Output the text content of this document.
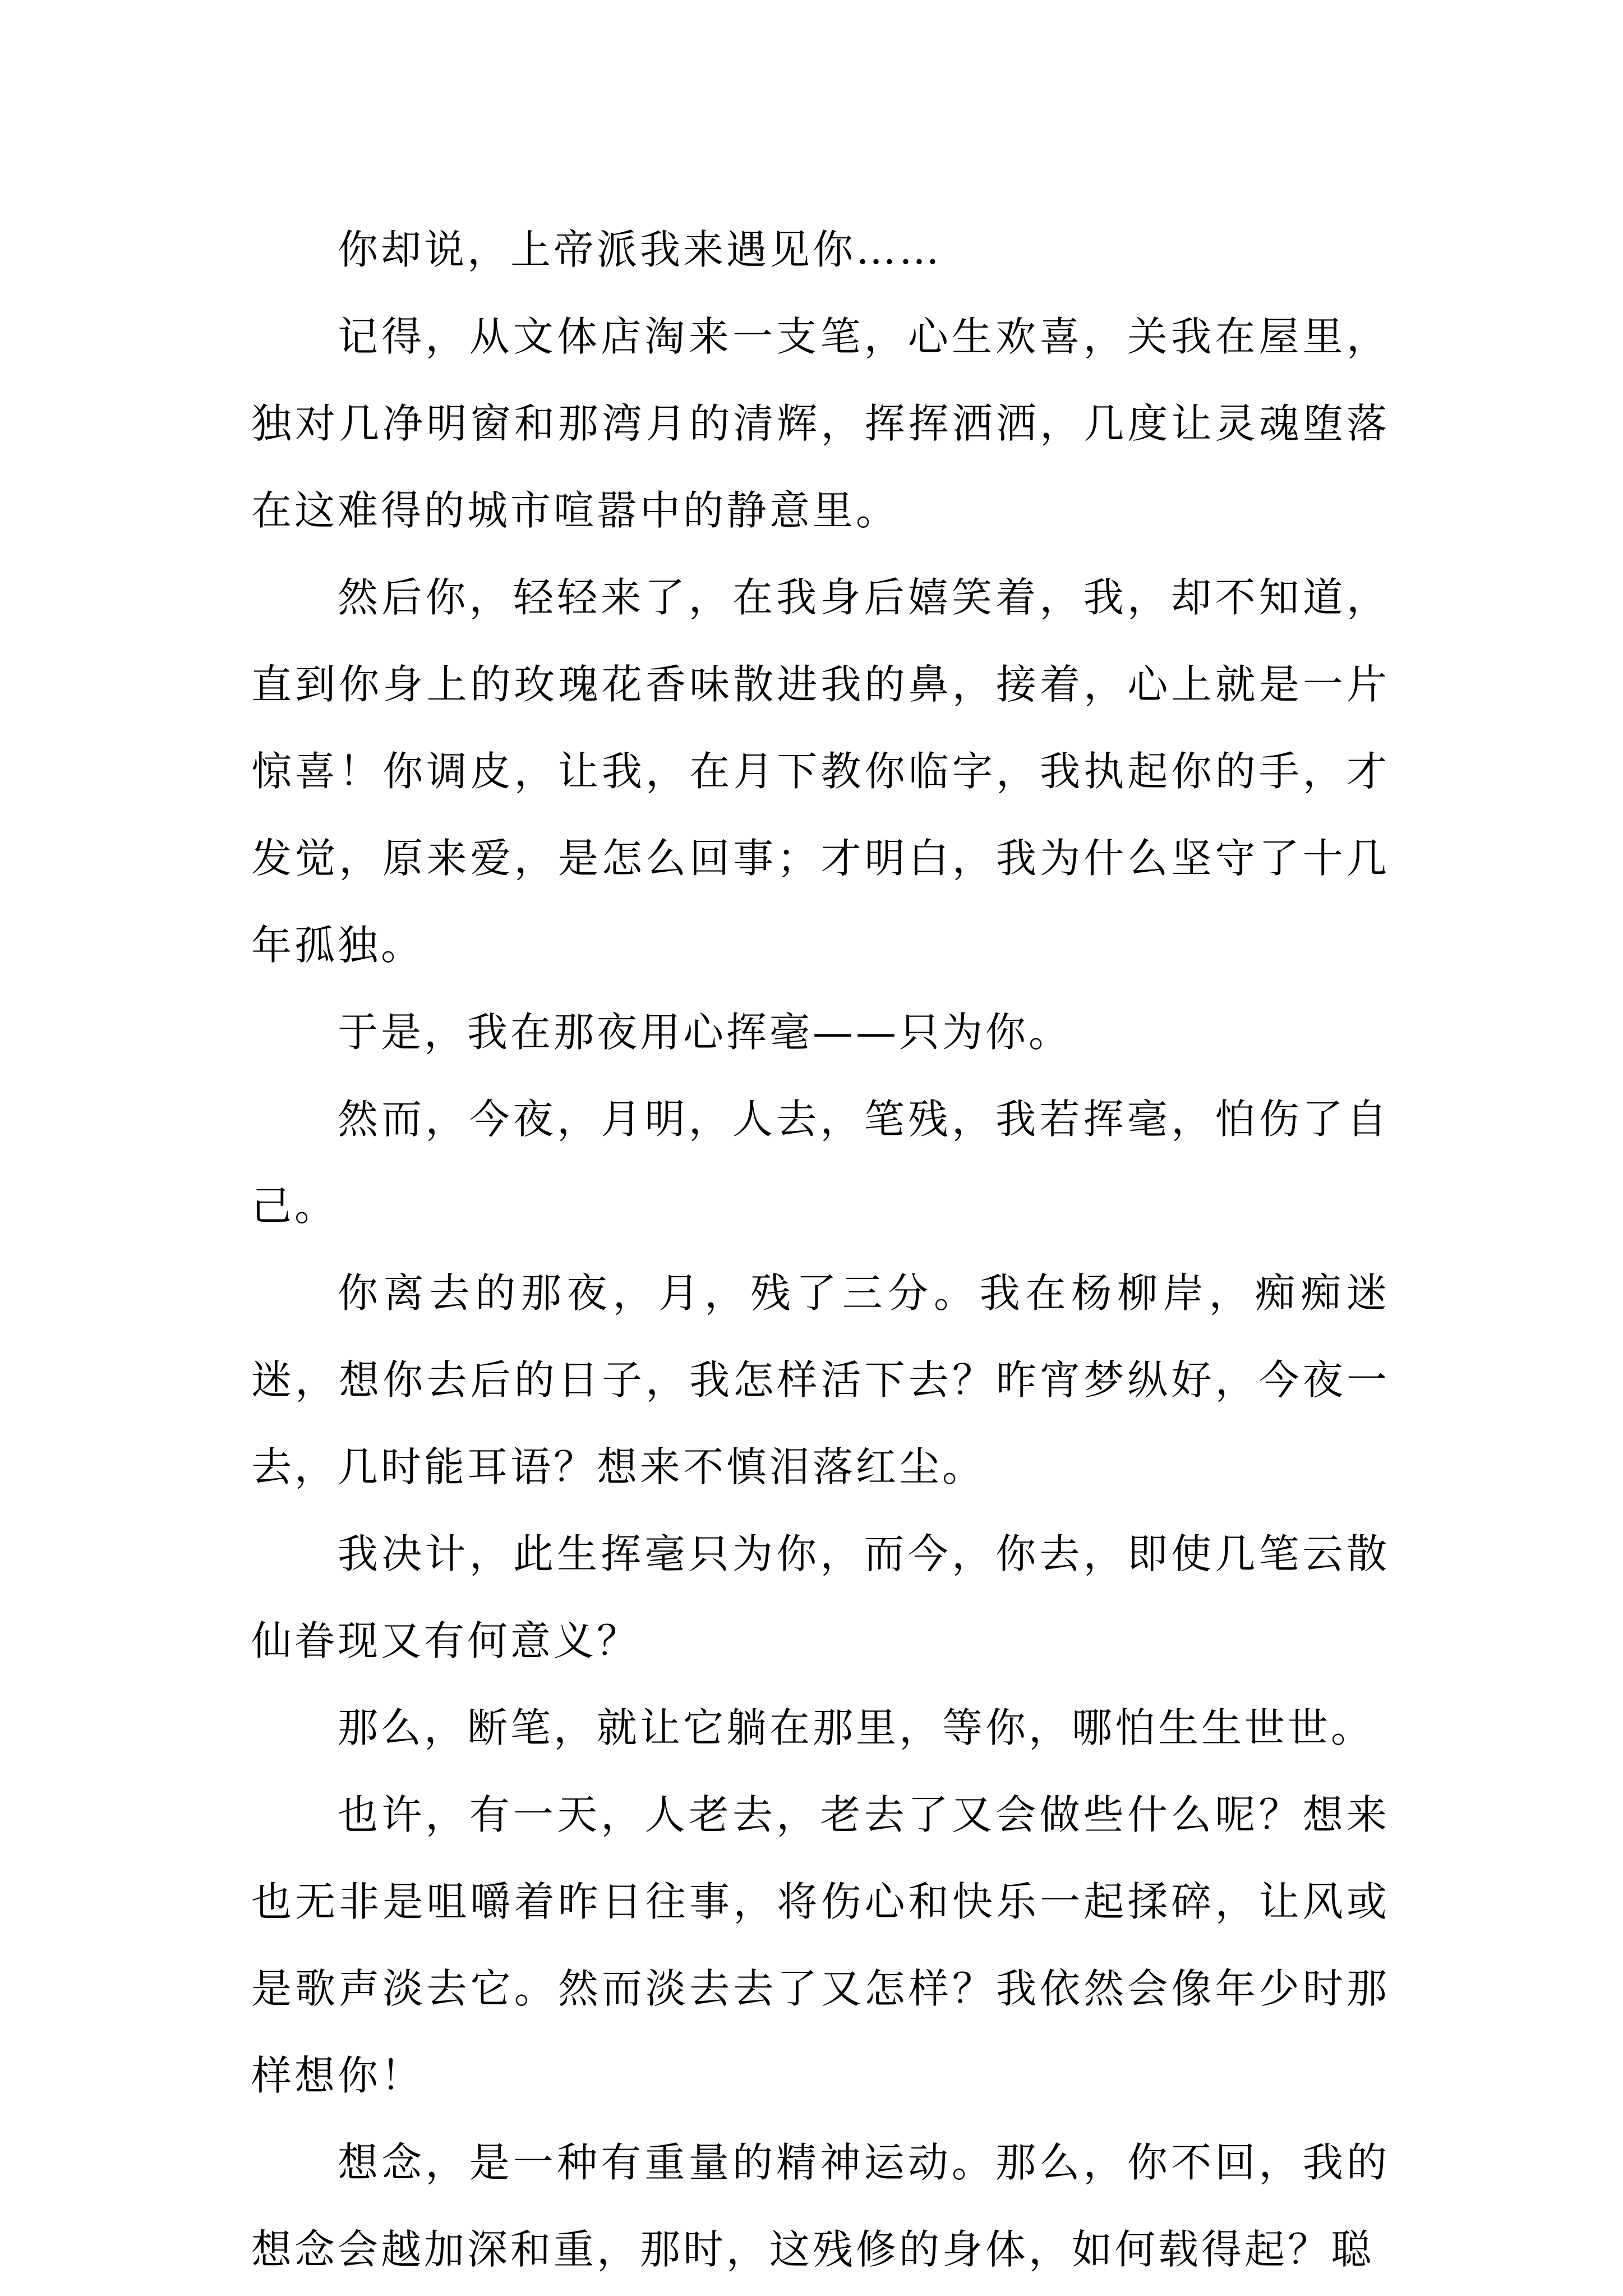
你却说，上帝派我来遇见你……

记得，从文体店淘来一支笔，心生欢喜，关我在屋里，独对几净明窗和那湾月的清辉，挥挥洒洒，几度让灵魂堕落在这难得的城市喧嚣中的静意里。

然后你，轻轻来了，在我身后嬉笑着，我，却不知道，直到你身上的玫瑰花香味散进我的鼻，接着，心上就是一片惊喜！你调皮，让我，在月下教你临字，我执起你的手，才发觉，原来爱，是怎么回事；才明白，我为什么坚守了十几年孤独。

于是，我在那夜用心挥毫——只为你。

然而，今夜，月明，人去，笔残，我若挥毫，怕伤了自己。

你离去的那夜，月，残了三分。我在杨柳岸，痴痴迷迷，想你去后的日子，我怎样活下去？昨宵梦纵好，今夜一去，几时能耳语？想来不慎泪落红尘。

我决计，此生挥毫只为你，而今，你去，即使几笔云散仙眷现又有何意义？

那么，断笔，就让它躺在那里，等你，哪怕生生世世。

也许，有一天，人老去，老去了又会做些什么呢？想来也无非是咀嚼着昨日往事，将伤心和快乐一起揉碎，让风或是歌声淡去它。然而淡去去了又怎样？我依然会像年少时那样想你！

想念，是一种有重量的精神运动。那么，你不回，我的想念会越加深和重，那时，这残修的身体，如何载得起？聪
